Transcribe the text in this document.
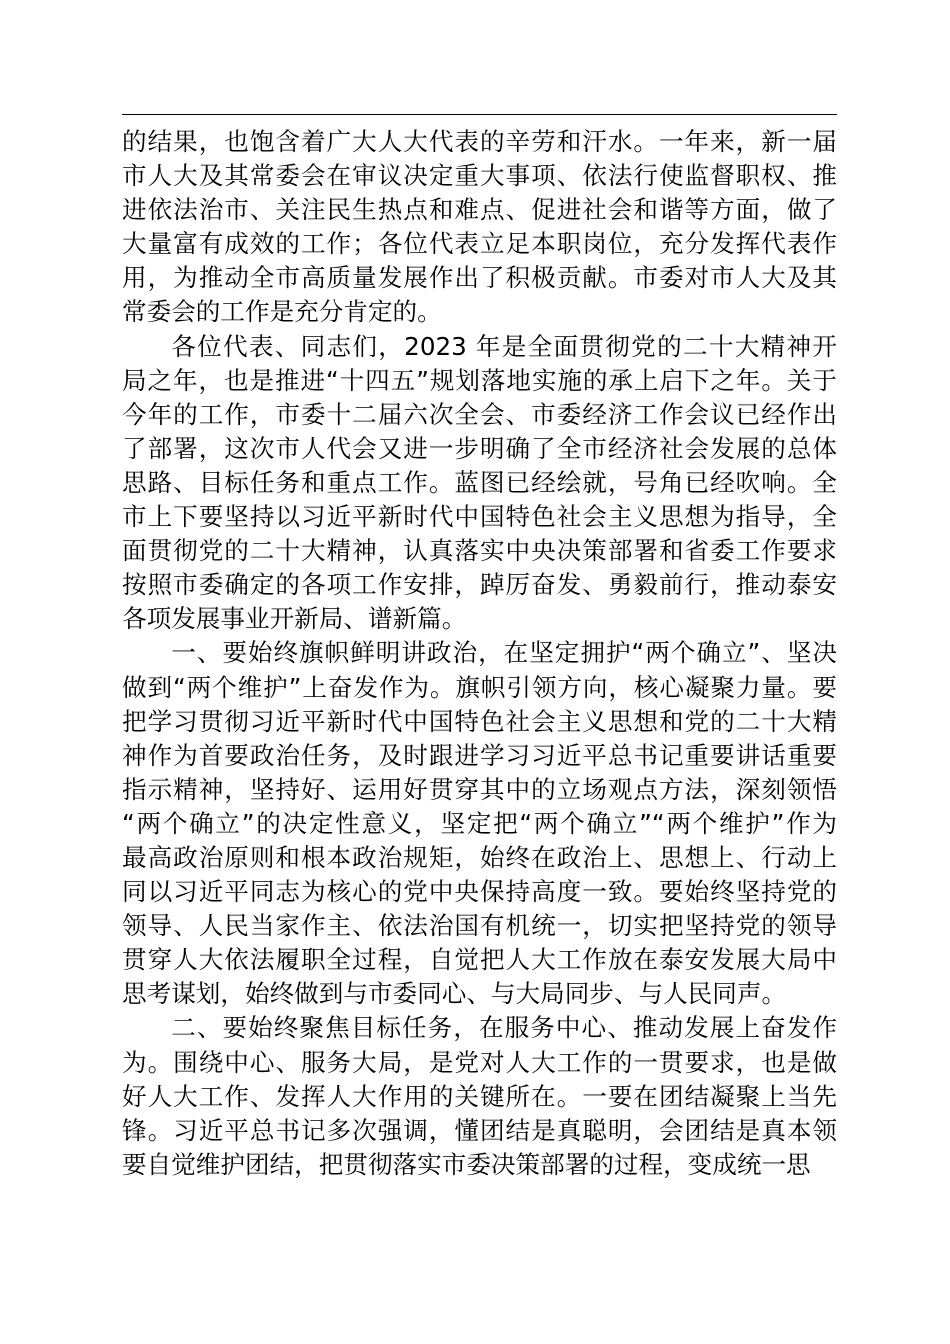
的结果，也饱含着广大人大代表的辛劳和汗水。一年来，新一届
市人大及其常委会在审议决定重大事项、依法行使监督职权、推
进依法治市、关注民生热点和难点、促进社会和谐等方面，做了
大量富有成效的工作；各位代表立足本职岗位，充分发挥代表作
用，为推动全市高质量发展作出了积极贡献。市委对市人大及其
常委会的工作是充分肯定的。
各位代表、同志们，2023 年是全面贯彻党的二十大精神开
局之年，也是推进“十四五”规划落地实施的承上启下之年。关于
今年的工作，市委十二届六次全会、市委经济工作会议已经作出
了部署，这次市人代会又进一步明确了全市经济社会发展的总体
思路、目标任务和重点工作。蓝图已经绘就，号角已经吹响。全
市上下要坚持以习近平新时代中国特色社会主义思想为指导，全
面贯彻党的二十大精神，认真落实中央决策部署和省委工作要求
按照市委确定的各项工作安排，踔厉奋发、勇毅前行，推动泰安
各项发展事业开新局、谱新篇。
一、要始终旗帜鲜明讲政治，在坚定拥护“两个确立”、坚决
做到“两个维护”上奋发作为。旗帜引领方向，核心凝聚力量。要
把学习贯彻习近平新时代中国特色社会主义思想和党的二十大精
神作为首要政治任务，及时跟进学习习近平总书记重要讲话重要
指示精神，坚持好、运用好贯穿其中的立场观点方法，深刻领悟
“两个确立”的决定性意义，坚定把“两个确立”“两个维护”作为
最高政治原则和根本政治规矩，始终在政治上、思想上、行动上
同以习近平同志为核心的党中央保持高度一致。要始终坚持党的
领导、人民当家作主、依法治国有机统一，切实把坚持党的领导
贯穿人大依法履职全过程，自觉把人大工作放在泰安发展大局中
思考谋划，始终做到与市委同心、与大局同步、与人民同声。
二、要始终聚焦目标任务，在服务中心、推动发展上奋发作
为。围绕中心、服务大局，是党对人大工作的一贯要求，也是做
好人大工作、发挥人大作用的关键所在。一要在团结凝聚上当先
锋。习近平总书记多次强调，懂团结是真聪明，会团结是真本领
要自觉维护团结，把贯彻落实市委决策部署的过程，变成统一思
